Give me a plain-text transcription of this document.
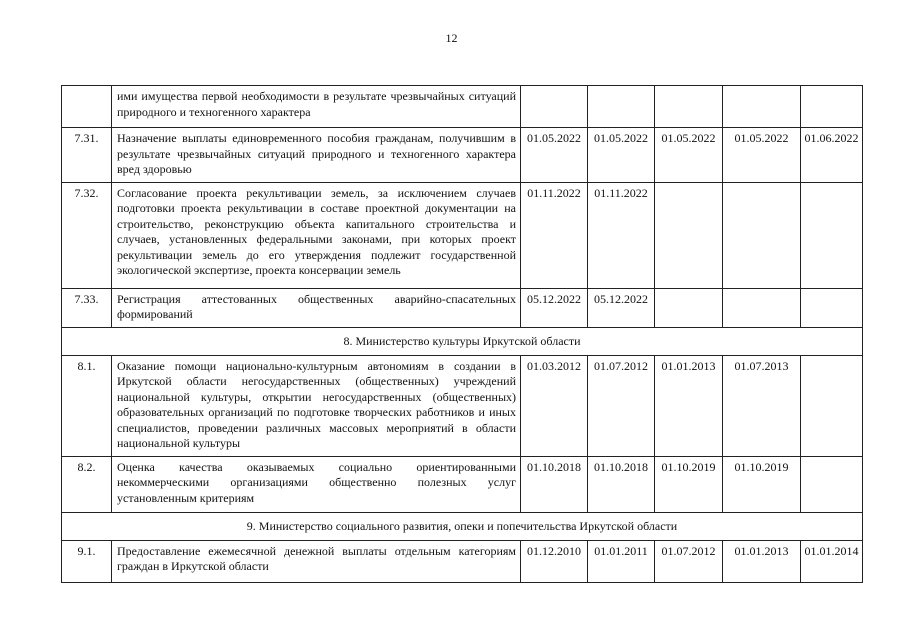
12
	ими имущества первой необходимости в результате чрезвычайных ситуаций природного и техногенного характера					
7.31.	Назначение выплаты единовременного пособия гражданам, получившим в результате чрезвычайных ситуаций природного и техногенного характера вред здоровью	01.05.2022	01.05.2022	01.05.2022	01.05.2022	01.06.2022
7.32.	Согласование проекта рекультивации земель, за исключением случаев подготовки проекта рекультивации в составе проектной документации на строительство, реконструкцию объекта капитального строительства и случаев, установленных федеральными законами, при которых проект рекультивации земель до его утверждения подлежит государственной экологической экспертизе, проекта консервации земель	01.11.2022	01.11.2022			
7.33.	Регистрация аттестованных общественных аварийно-спасательных формирований	05.12.2022	05.12.2022			
8. Министерство культуры Иркутской области						
8.1.	Оказание помощи национально-культурным автономиям в создании в Иркутской области негосударственных (общественных) учреждений национальной культуры, открытии негосударственных (общественных) образовательных организаций по подготовке творческих работников и иных специалистов, проведении различных массовых мероприятий в области национальной культуры	01.03.2012	01.07.2012	01.01.2013	01.07.2013	
8.2.	Оценка качества оказываемых социально ориентированными некоммерческими организациями общественно полезных услуг установленным критериям	01.10.2018	01.10.2018	01.10.2019	01.10.2019	
9. Министерство социального развития, опеки и попечительства Иркутской области						
9.1.	Предоставление ежемесячной денежной выплаты отдельным категориям граждан в Иркутской области	01.12.2010	01.01.2011	01.07.2012	01.01.2013	01.01.2014
